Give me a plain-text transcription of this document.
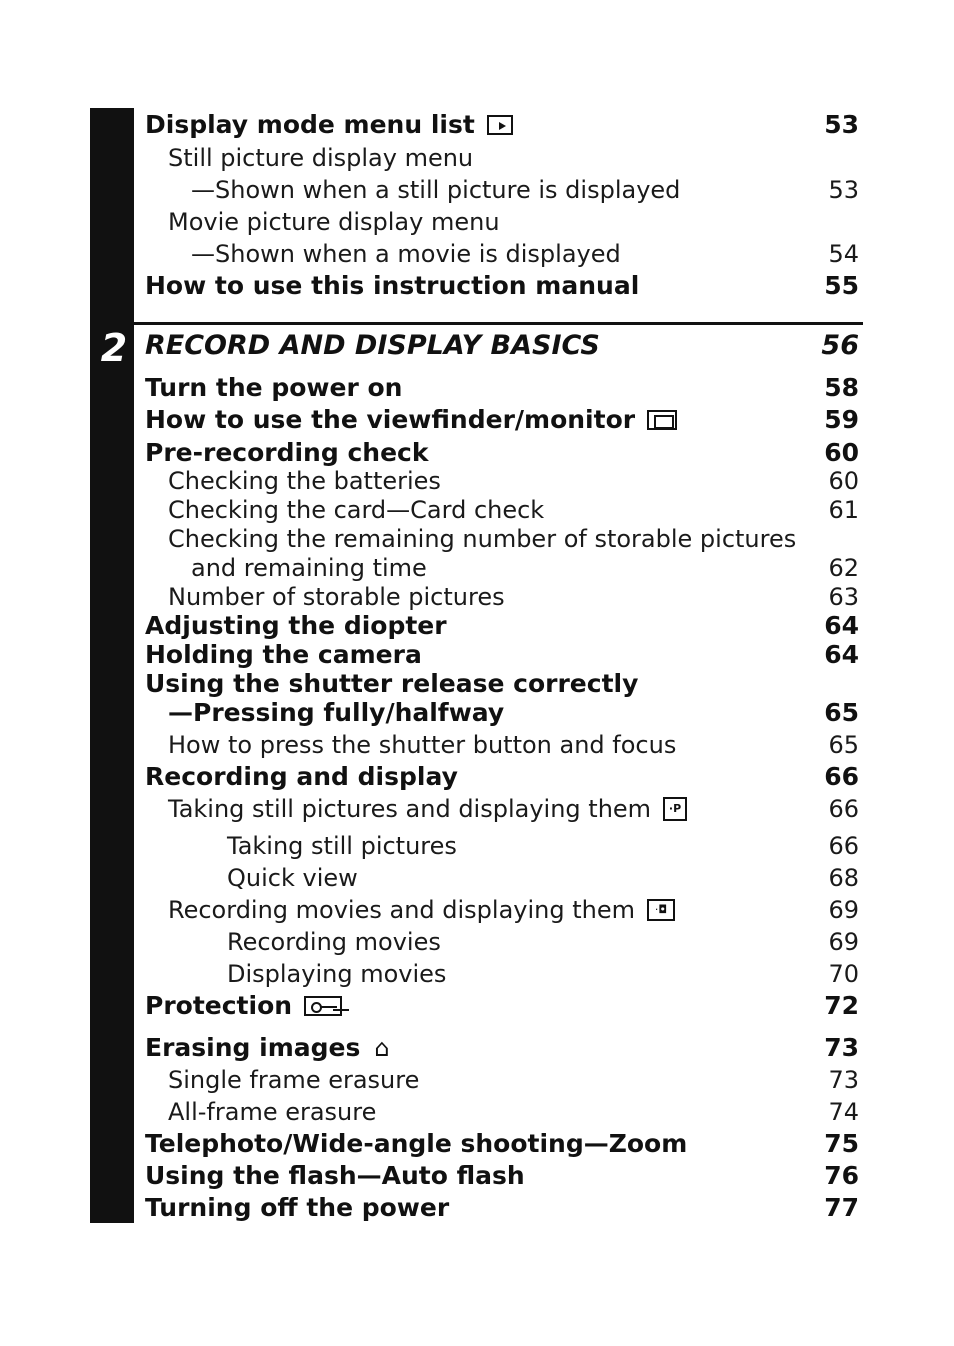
2
Display mode menu list	53
Still picture display menu
—Shown when a still picture is displayed	53
Movie picture display menu
—Shown when a movie is displayed	54
How to use this instruction manual	55
RECORD AND DISPLAY BASICS	56
Turn the power on	58
How to use the viewfinder/monitor	59
Pre-recording check	60
Checking the batteries	60
Checking the card—Card check	61
Checking the remaining number of storable pictures
and remaining time	62
Number of storable pictures	63
Adjusting the diopter	64
Holding the camera	64
Using the shutter release correctly
—Pressing fully/halfway	65
How to press the shutter button and focus	65
Recording and display	66
Taking still pictures and displaying them	·P	66
Taking still pictures	66
Quick view	68
Recording movies and displaying them	·◘	69
Recording movies	69
Displaying movies	70
Protection	72
Erasing images ⌂	73
Single frame erasure	73
All-frame erasure	74
Telephoto/Wide-angle shooting—Zoom	75
Using the flash—Auto flash	76
Turning off the power	77
